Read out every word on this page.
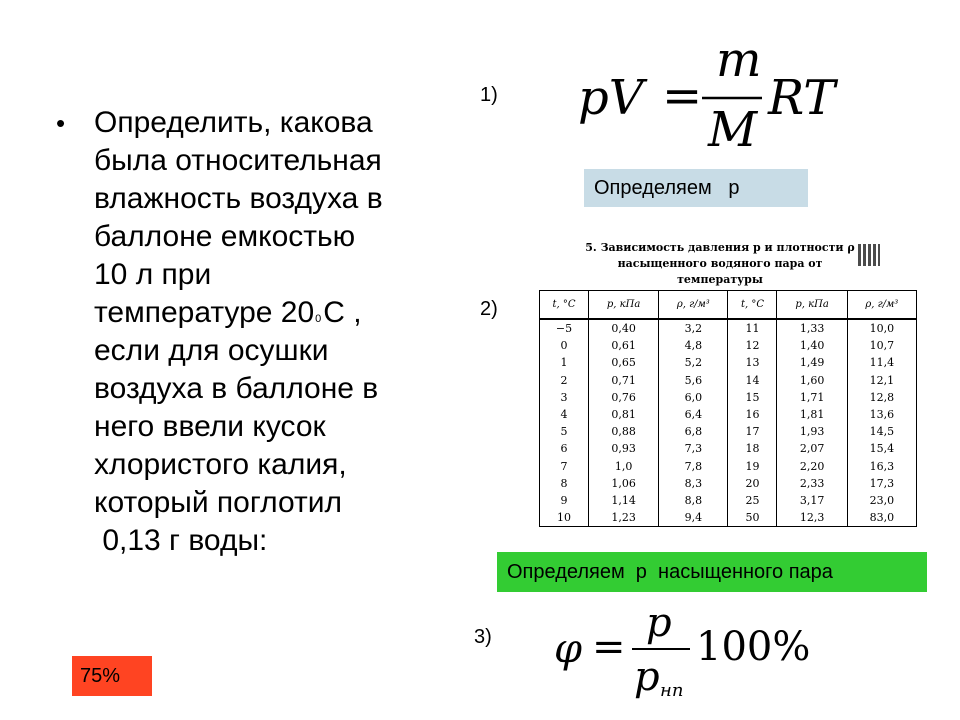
• Определить, какова
была относительная
влажность воздуха в
баллоне емкостью
10 л при
температуре $20^0С$ ,
если для осушки
воздуха в баллоне в
него ввели кусок
хлористого калия,
который поглотил
0,13 г воды:
1)
2)
3)
pV =
m
M
RT
Определяем   р
5. Зависимость давления p и плотности ρ
насыщенного водяного пара от температуры
t, °C	p, кПа	ρ, г/м³	t, °C	p, кПа	ρ, г/м³
−5	0,40	3,2	11	1,33	10,0
0	0,61	4,8	12	1,40	10,7
1	0,65	5,2	13	1,49	11,4
2	0,71	5,6	14	1,60	12,1
3	0,76	6,0	15	1,71	12,8
4	0,81	6,4	16	1,81	13,6
5	0,88	6,8	17	1,93	14,5
6	0,93	7,3	18	2,07	15,4
7	1,0	7,8	19	2,20	16,3
8	1,06	8,3	20	2,33	17,3
9	1,14	8,8	25	3,17	23,0
10	1,23	9,4	50	12,3	83,0
Определяем  р  насыщенного пара
φ =
p
p нп
100%
75%
